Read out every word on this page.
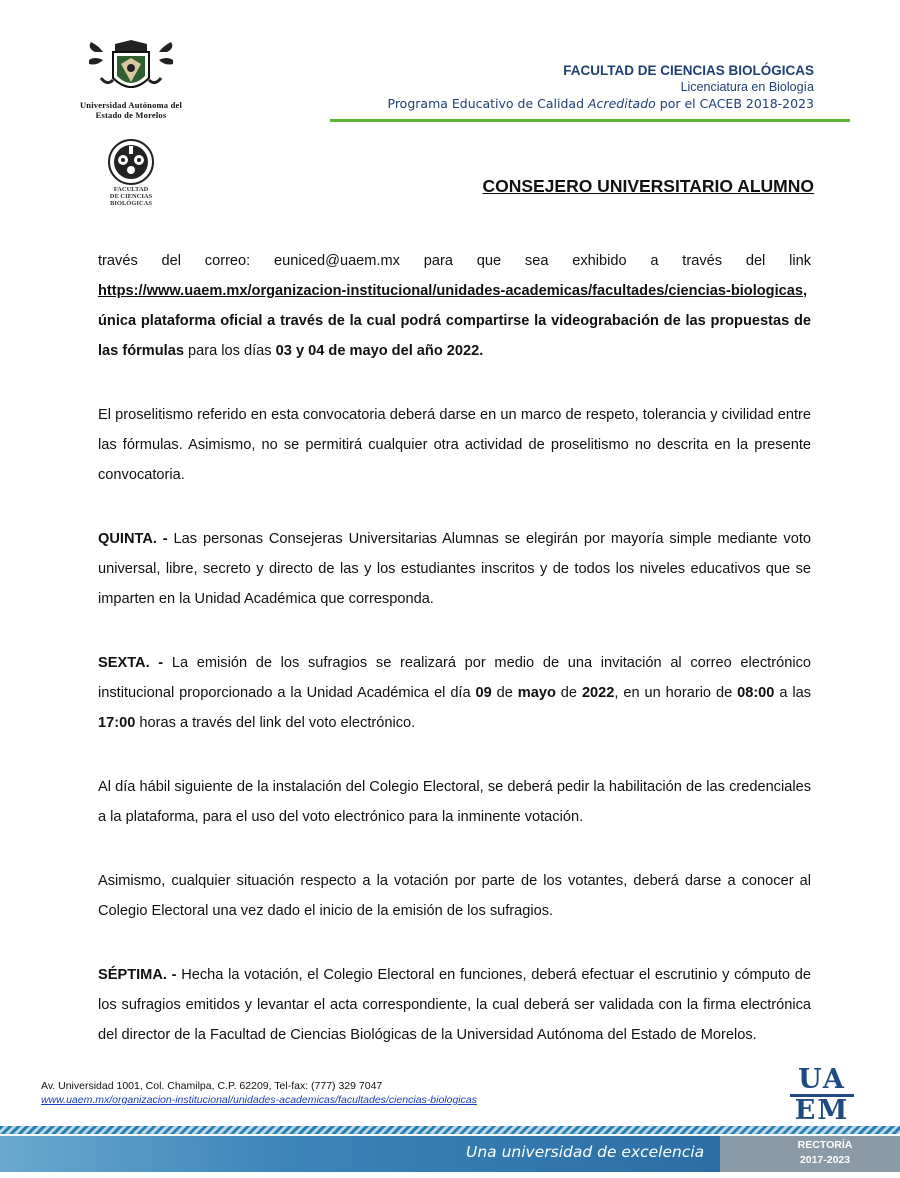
Universidad Autónoma del
Estado de Morelos
FACULTAD
DE CIENCIAS
BIOLÓGICAS
FACULTAD DE CIENCIAS BIOLÓGICAS
Licenciatura en Biología
Programa Educativo de Calidad Acreditado por el CACEB 2018-2023
CONSEJERO UNIVERSITARIO ALUMNO

través del correo: euniced@uaem.mx para que sea exhibido a través del link https://www.uaem.mx/organizacion-institucional/unidades-academicas/facultades/ciencias-biologicas, única plataforma oficial a través de la cual podrá compartirse la videograbación de las propuestas de las fórmulas para los días 03 y 04 de mayo del año 2022.

El proselitismo referido en esta convocatoria deberá darse en un marco de respeto, tolerancia y civilidad entre las fórmulas. Asimismo, no se permitirá cualquier otra actividad de proselitismo no descrita en la presente convocatoria.

QUINTA. - Las personas Consejeras Universitarias Alumnas se elegirán por mayoría simple mediante voto universal, libre, secreto y directo de las y los estudiantes inscritos y de todos los niveles educativos que se imparten en la Unidad Académica que corresponda.

SEXTA. - La emisión de los sufragios se realizará por medio de una invitación al correo electrónico institucional proporcionado a la Unidad Académica el día 09 de mayo de 2022, en un horario de 08:00 a las 17:00 horas a través del link del voto electrónico.

Al día hábil siguiente de la instalación del Colegio Electoral, se deberá pedir la habilitación de las credenciales a la plataforma, para el uso del voto electrónico para la inminente votación.

Asimismo, cualquier situación respecto a la votación por parte de los votantes, deberá darse a conocer al Colegio Electoral una vez dado el inicio de la emisión de los sufragios.

SÉPTIMA. - Hecha la votación, el Colegio Electoral en funciones, deberá efectuar el escrutinio y cómputo de los sufragios emitidos y levantar el acta correspondiente, la cual deberá ser validada con la firma electrónica del director de la Facultad de Ciencias Biológicas de la Universidad Autónoma del Estado de Morelos.

Av. Universidad 1001, Col. Chamilpa, C.P. 62209, Tel-fax: (777) 329 7047
www.uaem.mx/organizacion-institucional/unidades-academicas/facultades/ciencias-biologicas
UA
EM
Una universidad de excelencia	RECTORÍA
2017-2023
